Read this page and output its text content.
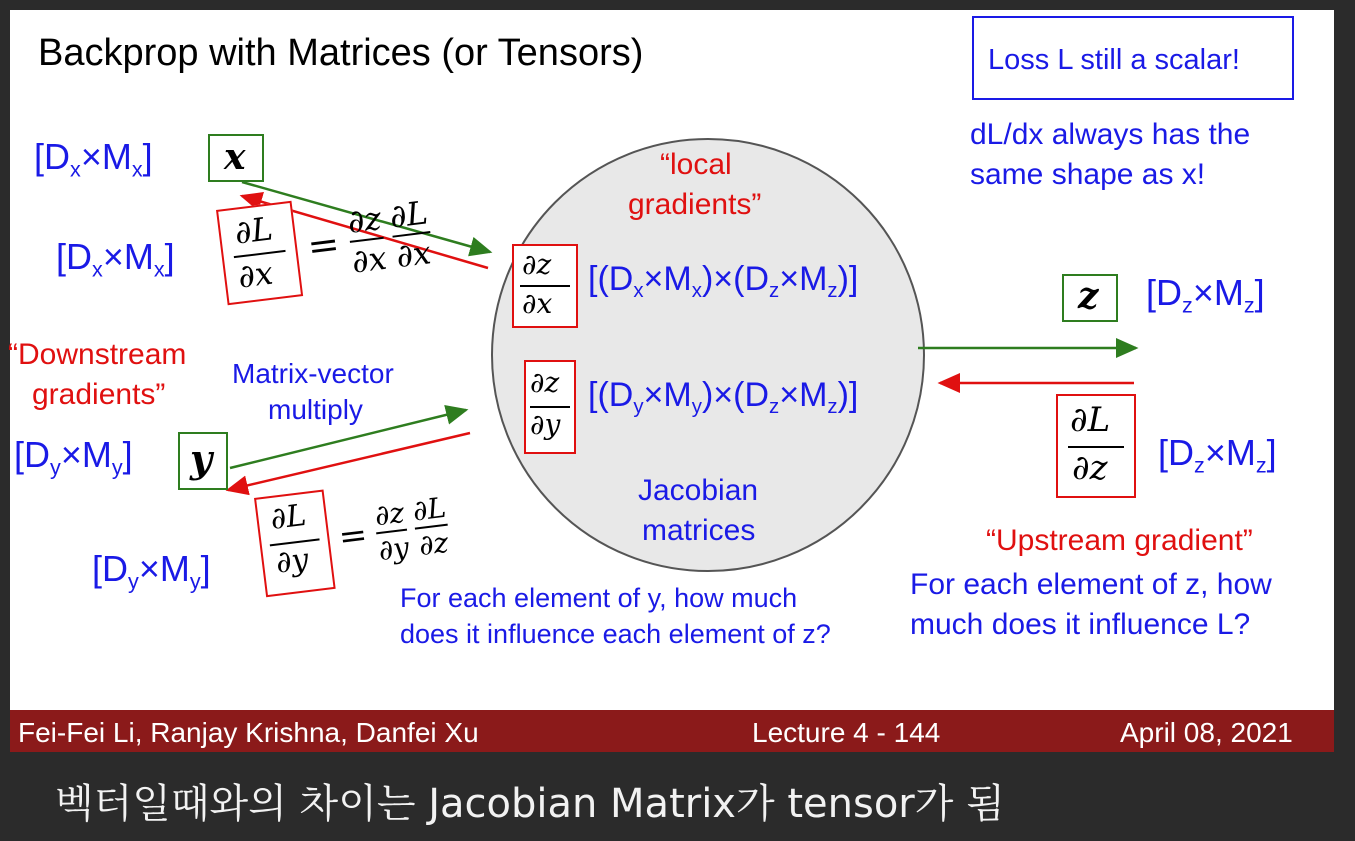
Backprop with Matrices (or Tensors)	Loss L still a scalar!
dL/dx always has the
same shape as x!
$[D_x\times M_x]$ x
$[D_x\times M_x]$
∂L
∂x
=
∂z
∂x

∂L
∂x
“Downstream
gradients”
Matrix-vector
multiply
$[D_y\times M_y]$ y
$[D_y\times M_y]$
∂L
∂y
=
∂z
∂y

∂L
∂z
“local
gradients”
∂z
∂x
$[(D_x\times M_x)\times(D_z\times M_z)]$
∂z
∂y
$[(D_y\times M_y)\times(D_z\times M_z)]$
Jacobian
matrices
For each element of y, how much
does it influence each element of z?
z $[D_z\times M_z]$
∂L
∂z $[D_z\times M_z]$
“Upstream gradient”
For each element of z, how
much does it influence L?
Fei-Fei Li, Ranjay Krishna, Danfei Xu	Lecture 4 - 144	April 08, 2021
벡터일때와의 차이는 Jacobian Matrix가 tensor가 됨
